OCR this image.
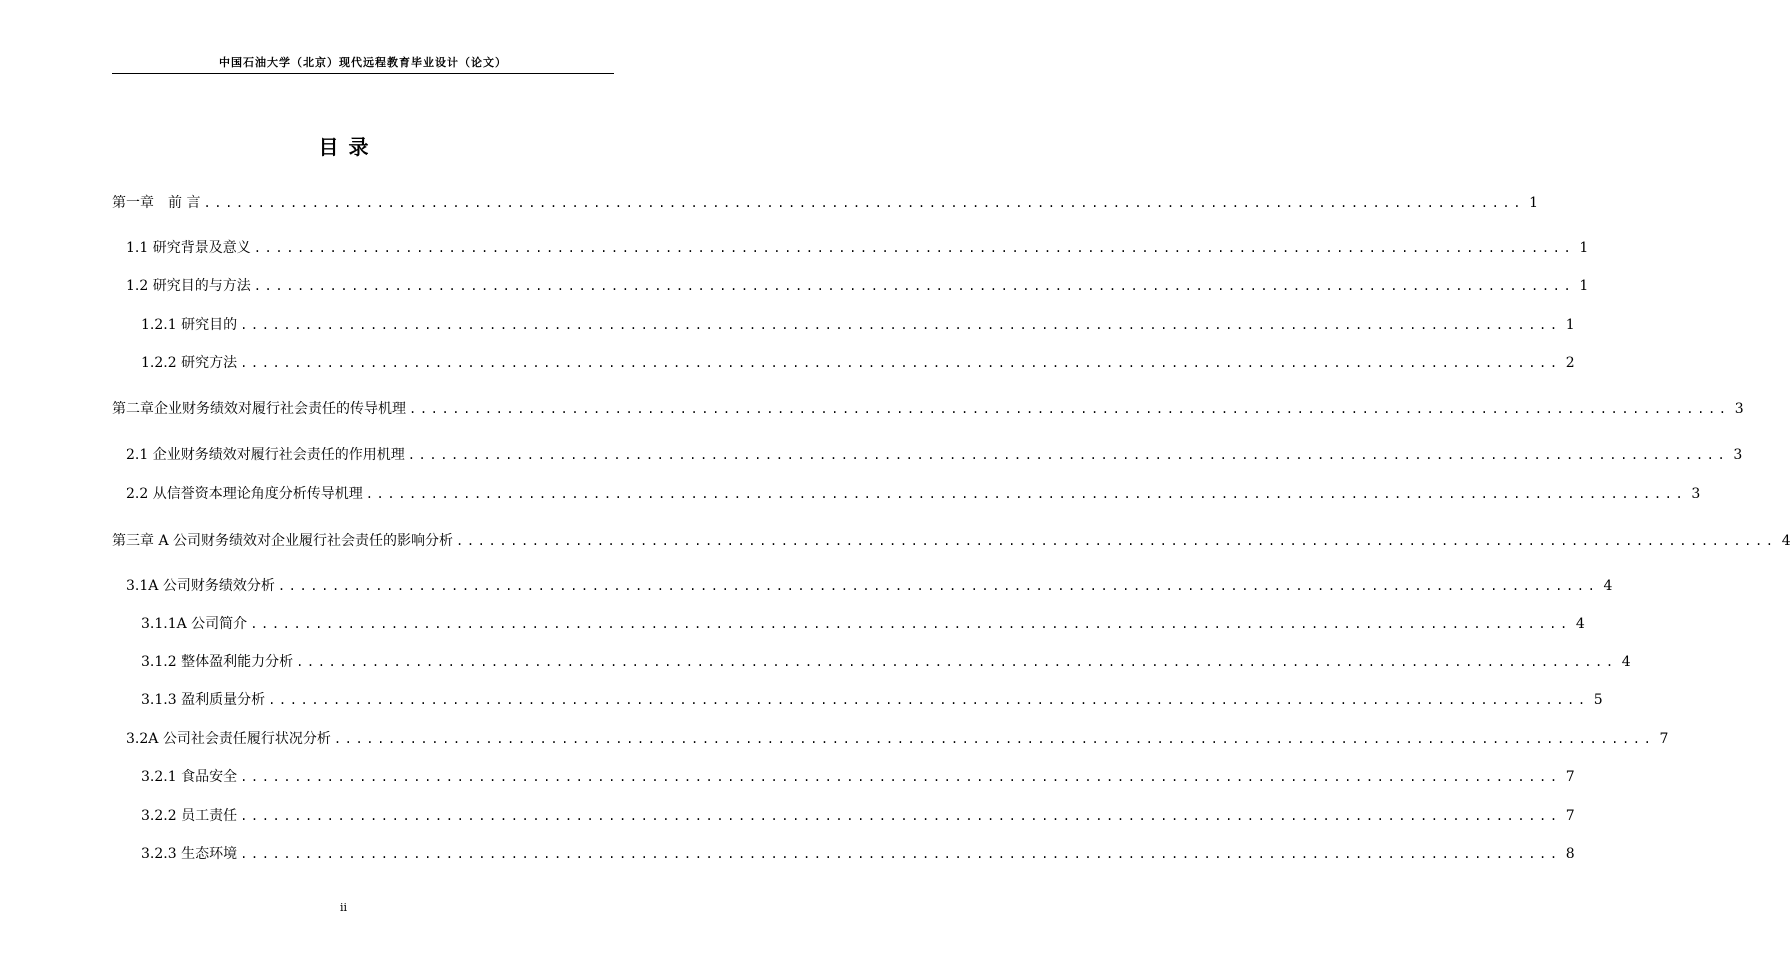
中国石油大学（北京）现代远程教育毕业设计（论文）
目录
第一章　前 言 .......................................................................................................................... 1
1.1 研究背景及意义 .......................................................................................................................... 1
1.2 研究目的与方法 .......................................................................................................................... 1
1.2.1 研究目的 .......................................................................................................................... 1
1.2.2 研究方法 .......................................................................................................................... 2
第二章企业财务绩效对履行社会责任的传导机理 .......................................................................................................................... 3
2.1 企业财务绩效对履行社会责任的作用机理 .......................................................................................................................... 3
2.2 从信誉资本理论角度分析传导机理 .......................................................................................................................... 3
第三章 A 公司财务绩效对企业履行社会责任的影响分析 .......................................................................................................................... 4
3.1A 公司财务绩效分析 .......................................................................................................................... 4
3.1.1A 公司简介 .......................................................................................................................... 4
3.1.2 整体盈利能力分析 .......................................................................................................................... 4
3.1.3 盈利质量分析 .......................................................................................................................... 5
3.2A 公司社会责任履行状况分析 .......................................................................................................................... 7
3.2.1 食品安全 .......................................................................................................................... 7
3.2.2 员工责任 .......................................................................................................................... 7
3.2.3 生态环境 .......................................................................................................................... 8
ii
